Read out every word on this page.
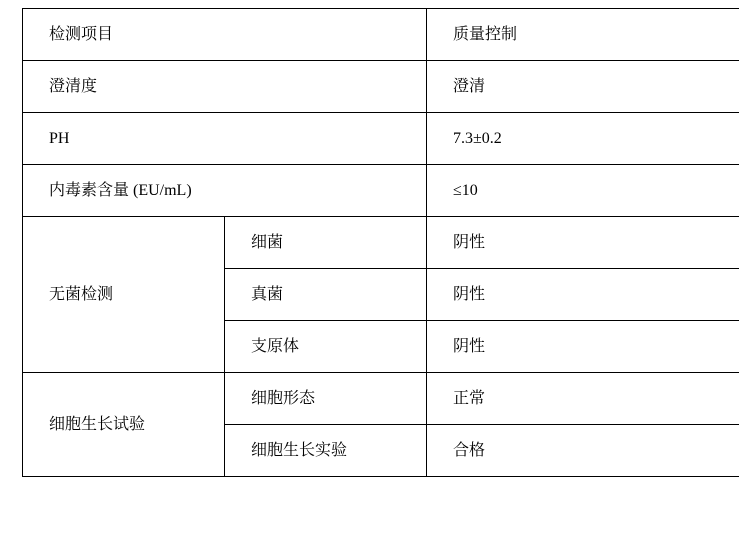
检测项目		质量控制
澄清度		澄清
PH		7.3±0.2
内毒素含量 (EU/mL)		≤10
无菌检测	细菌	阴性
	真菌	阴性
	支原体	阴性
细胞生长试验	细胞形态	正常
	细胞生长实验	合格
